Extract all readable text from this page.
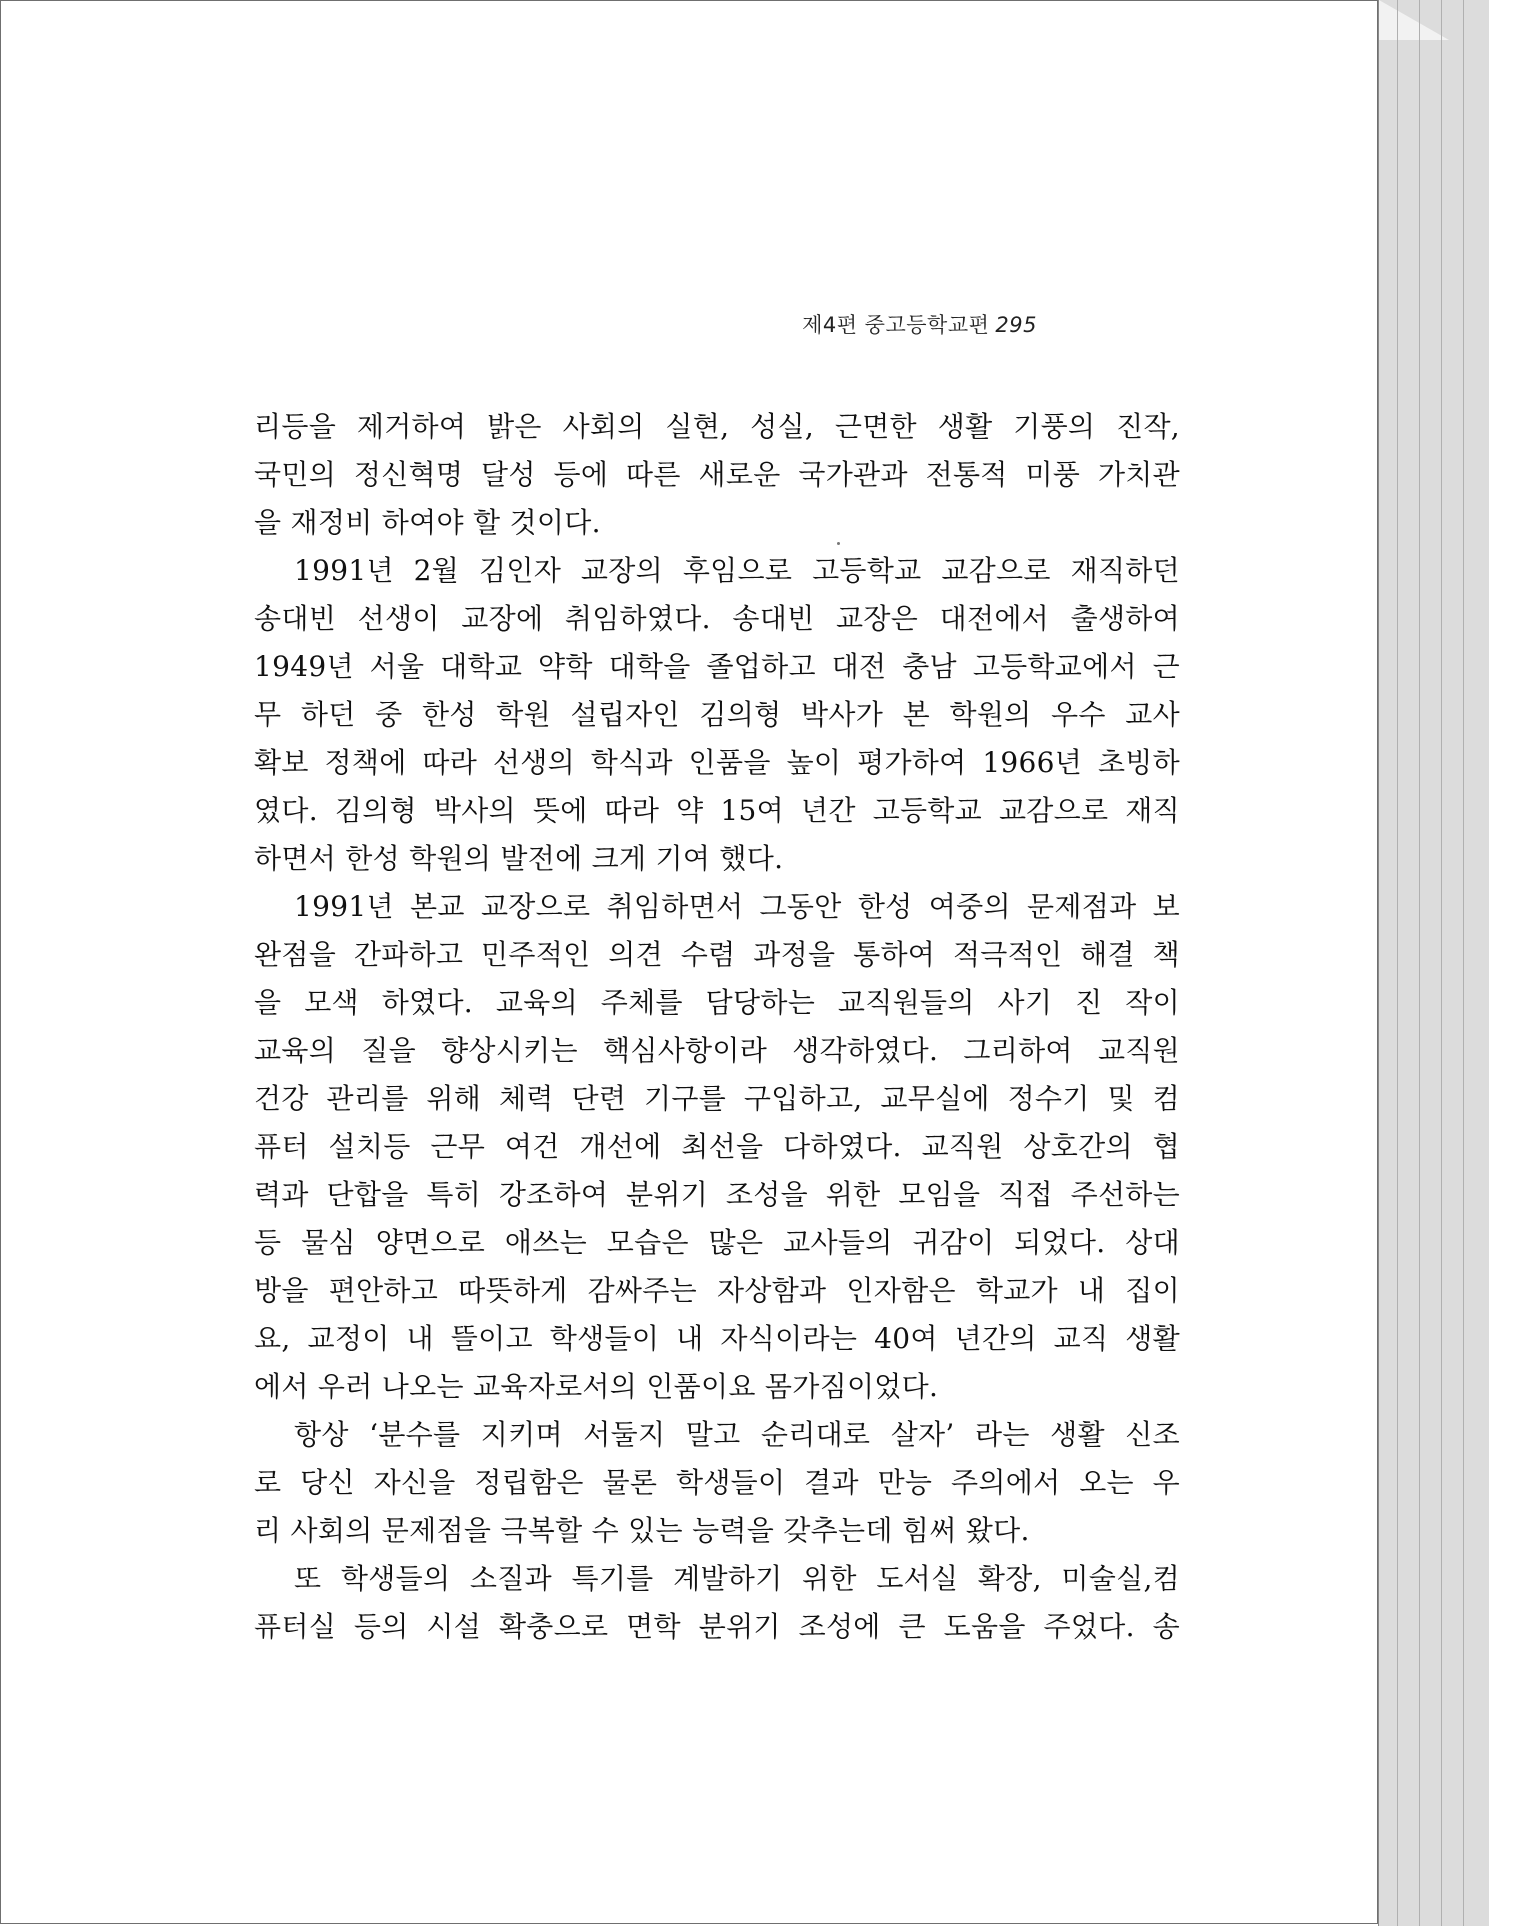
제4편 중고등학교편 295
리등을 제거하여 밝은 사회의 실현, 성실, 근면한 생활 기풍의 진작,
국민의 정신혁명 달성 등에 따른 새로운 국가관과 전통적 미풍 가치관
을 재정비 하여야 할 것이다.
1991년 2월 김인자 교장의 후임으로 고등학교 교감으로 재직하던
송대빈 선생이 교장에 취임하였다. 송대빈 교장은 대전에서 출생하여
1949년 서울 대학교 약학 대학을 졸업하고 대전 충남 고등학교에서 근
무 하던 중 한성 학원 설립자인 김의형 박사가 본 학원의 우수 교사
확보 정책에 따라 선생의 학식과 인품을 높이 평가하여 1966년 초빙하
였다. 김의형 박사의 뜻에 따라 약 15여 년간 고등학교 교감으로 재직
하면서 한성 학원의 발전에 크게 기여 했다.
1991년 본교 교장으로 취임하면서 그동안 한성 여중의 문제점과 보
완점을 간파하고 민주적인 의견 수렴 과정을 통하여 적극적인 해결 책
을 모색 하였다. 교육의 주체를 담당하는 교직원들의 사기 진 작이
교육의 질을 향상시키는 핵심사항이라 생각하였다. 그리하여 교직원
건강 관리를 위해 체력 단련 기구를 구입하고, 교무실에 정수기 및 컴
퓨터 설치등 근무 여건 개선에 최선을 다하였다. 교직원 상호간의 협
력과 단합을 특히 강조하여 분위기 조성을 위한 모임을 직접 주선하는
등 물심 양면으로 애쓰는 모습은 많은 교사들의 귀감이 되었다. 상대
방을 편안하고 따뜻하게 감싸주는 자상함과 인자함은 학교가 내 집이
요, 교정이 내 뜰이고 학생들이 내 자식이라는 40여 년간의 교직 생활
에서 우러 나오는 교육자로서의 인품이요 몸가짐이었다.
항상 ‘분수를 지키며 서둘지 말고 순리대로 살자’ 라는 생활 신조
로 당신 자신을 정립함은 물론 학생들이 결과 만능 주의에서 오는 우
리 사회의 문제점을 극복할 수 있는 능력을 갖추는데 힘써 왔다.
또 학생들의 소질과 특기를 계발하기 위한 도서실 확장, 미술실,컴
퓨터실 등의 시설 확충으로 면학 분위기 조성에 큰 도움을 주었다. 송
